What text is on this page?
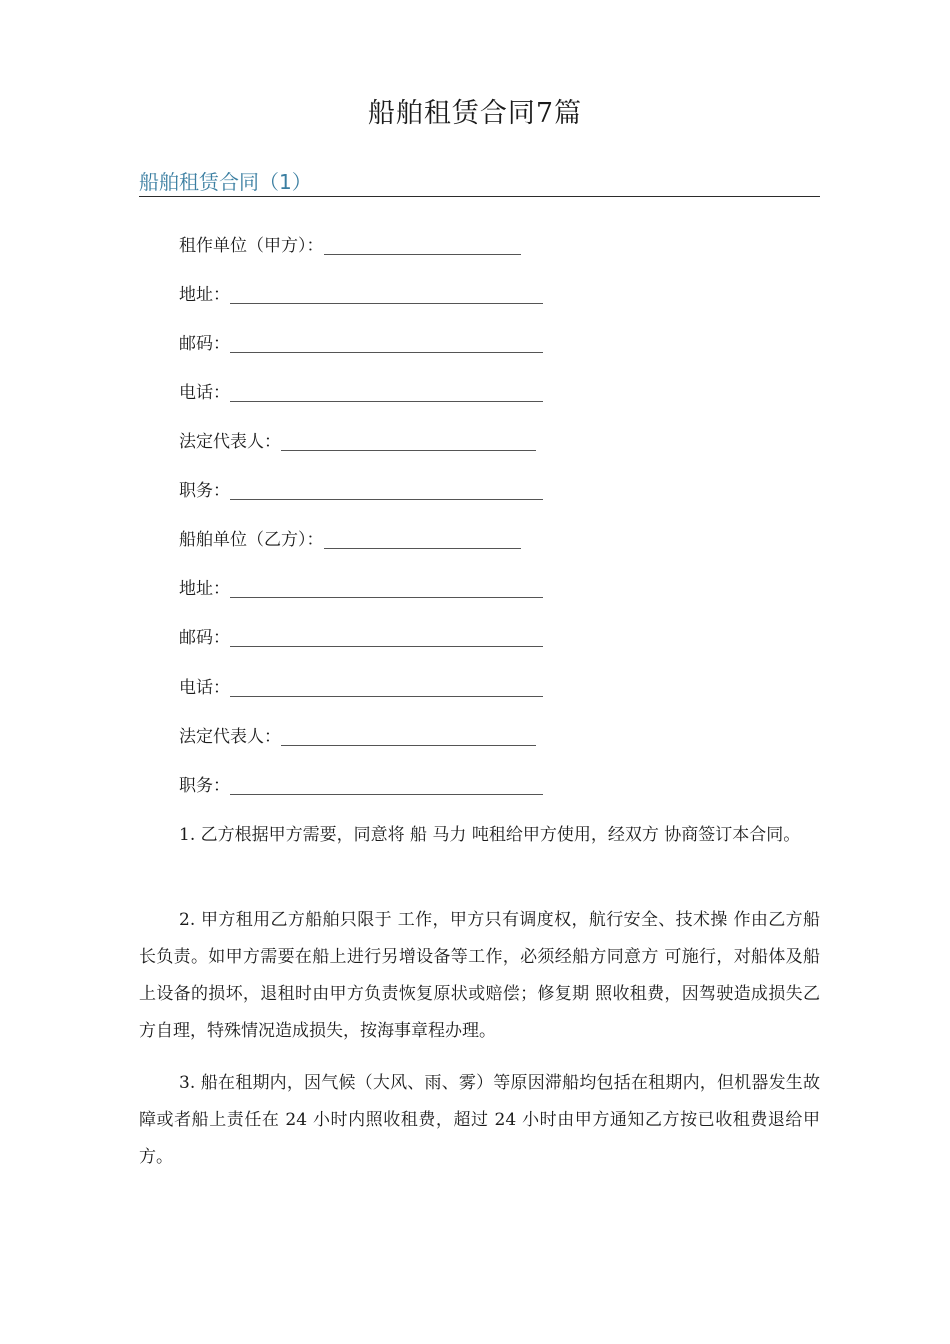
船舶租赁合同7篇
船舶租赁合同（1）
租作单位（甲方）：
地址：
邮码：
电话：
法定代表人：
职务：
船舶单位（乙方）：
地址：
邮码：
电话：
法定代表人：
职务：

1. 乙方根据甲方需要，同意将 船 马力 吨租给甲方使用，经双方 协商签订本合同。

2. 甲方租用乙方船舶只限于 工作，甲方只有调度权，航行安全、技术操 作由乙方船长负责。如甲方需要在船上进行另增设备等工作，必须经船方同意方 可施行，对船体及船上设备的损坏，退租时由甲方负责恢复原状或赔偿；修复期 照收租费，因驾驶造成损失乙方自理，特殊情况造成损失，按海事章程办理。

3. 船在租期内，因气候（大风、雨、雾）等原因滞船均包括在租期内，但机器发生故障或者船上责任在 24 小时内照收租费，超过 24 小时由甲方通知乙方按已收租费退给甲方。
